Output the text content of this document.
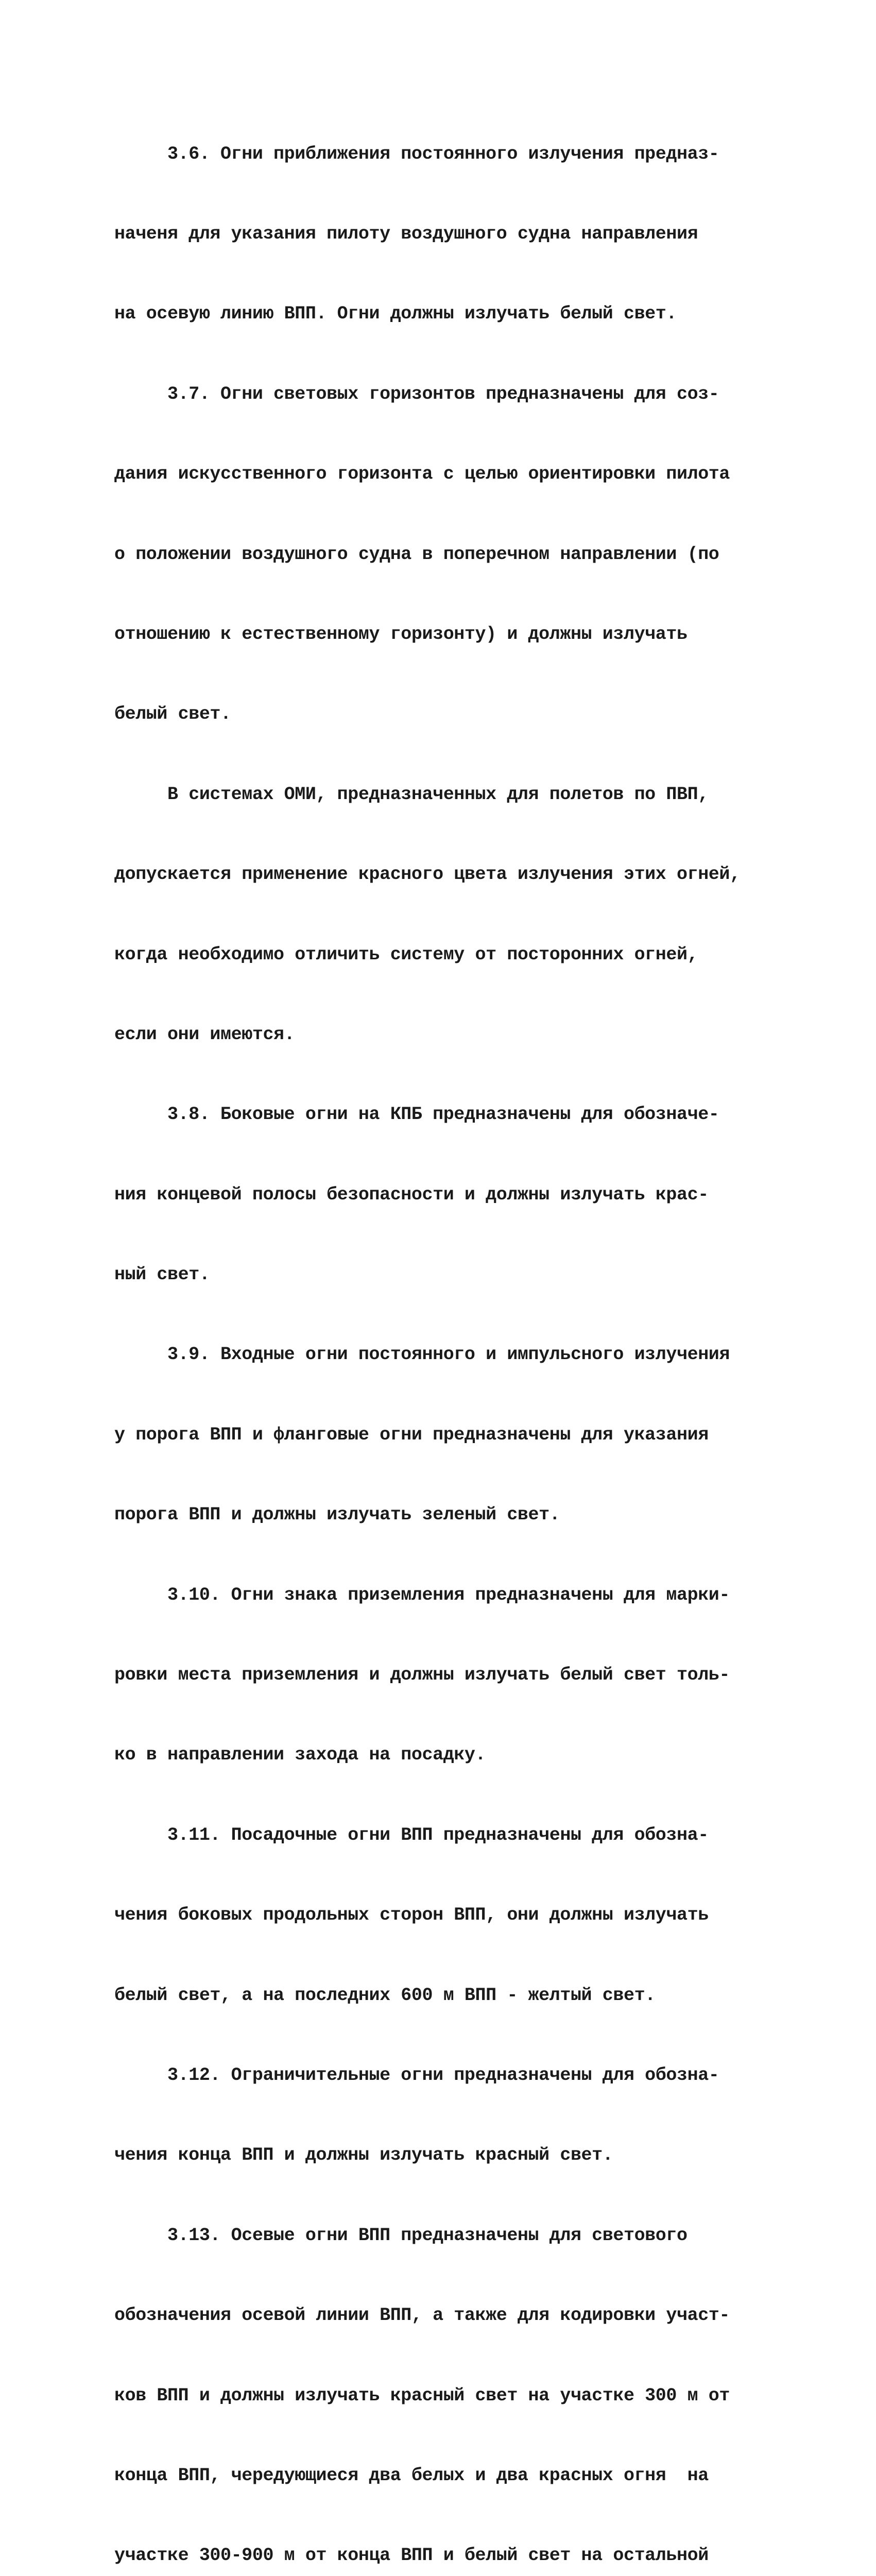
3.6. Огни приближения постоянного излучения предназ-

наченя для указания пилоту воздушного судна направления

на осевую линию ВПП. Огни должны излучать белый свет.

3.7. Огни световых горизонтов предназначены для соз-

дания искусственного горизонта с целью ориентировки пилота

о положении воздушного судна в поперечном направлении (по

отношению к естественному горизонту) и должны излучать

белый свет.

В системах ОМИ, предназначенных для полетов по ПВП,

допускается применение красного цвета излучения этих огней,

когда необходимо отличить систему от посторонних огней,

если они имеются.

3.8. Боковые огни на КПБ предназначены для обозначе-

ния концевой полосы безопасности и должны излучать крас-

ный свет.

3.9. Входные огни постоянного и импульсного излучения

у порога ВПП и фланговые огни предназначены для указания

порога ВПП и должны излучать зеленый свет.

3.10. Огни знака приземления предназначены для марки-

ровки места приземления и должны излучать белый свет толь-

ко в направлении захода на посадку.

3.11. Посадочные огни ВПП предназначены для обозна-

чения боковых продольных сторон ВПП, они должны излучать

белый свет, а на последних 600 м ВПП - желтый свет.

3.12. Ограничительные огни предназначены для обозна-

чения конца ВПП и должны излучать красный свет.

3.13. Осевые огни ВПП предназначены для светового

обозначения осевой линии ВПП, а также для кодировки участ-

ков ВПП и должны излучать красный свет на участке 300 м от

конца ВПП, чередующиеся два белых и два красных огня  на

участке 300-900 м от конца ВПП и белый свет на остальной
